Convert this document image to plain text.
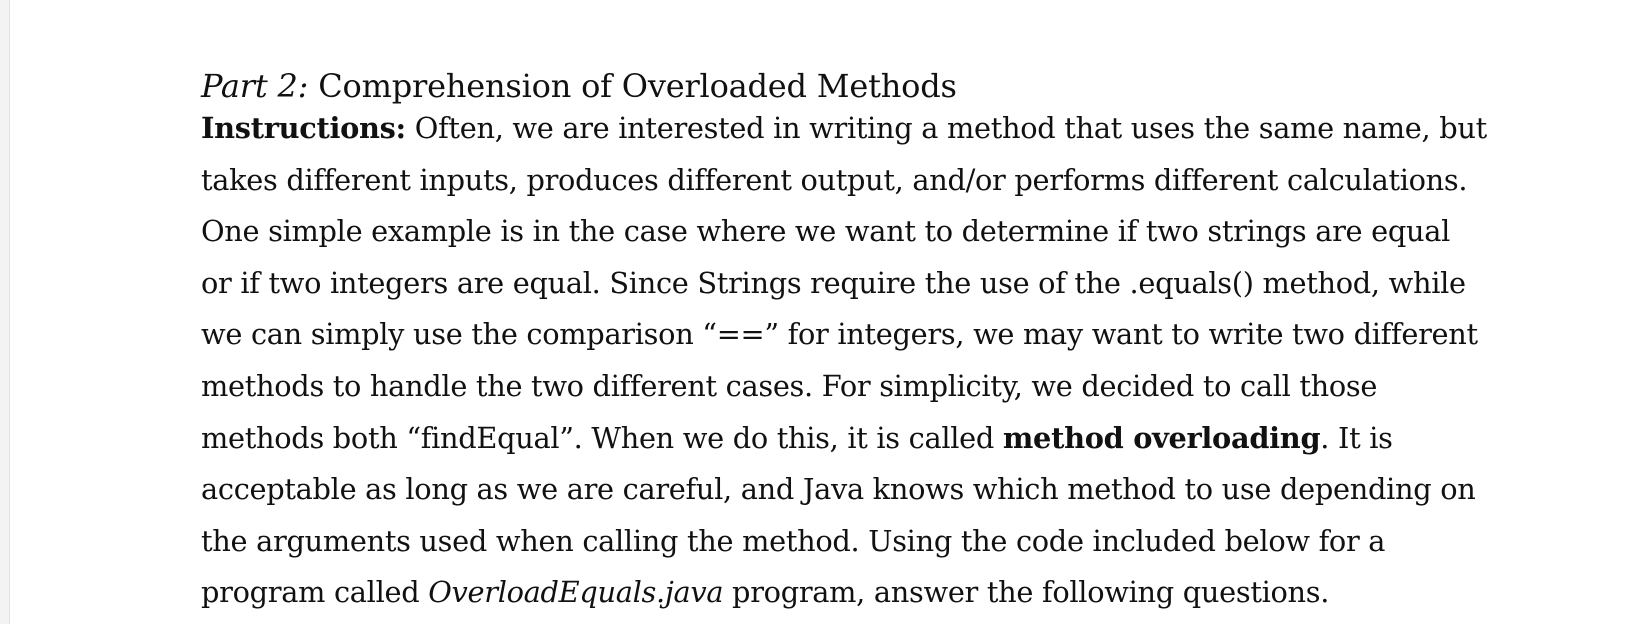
Part 2: Comprehension of Overloaded Methods

Instructions: Often, we are interested in writing a method that uses the same name, but
takes different inputs, produces different output, and/or performs different calculations.
One simple example is in the case where we want to determine if two strings are equal
or if two integers are equal. Since Strings require the use of the .equals() method, while
we can simply use the comparison “==” for integers, we may want to write two different
methods to handle the two different cases. For simplicity, we decided to call those
methods both “findEqual”. When we do this, it is called method overloading. It is
acceptable as long as we are careful, and Java knows which method to use depending on
the arguments used when calling the method. Using the code included below for a
program called OverloadEquals.java program, answer the following questions.
